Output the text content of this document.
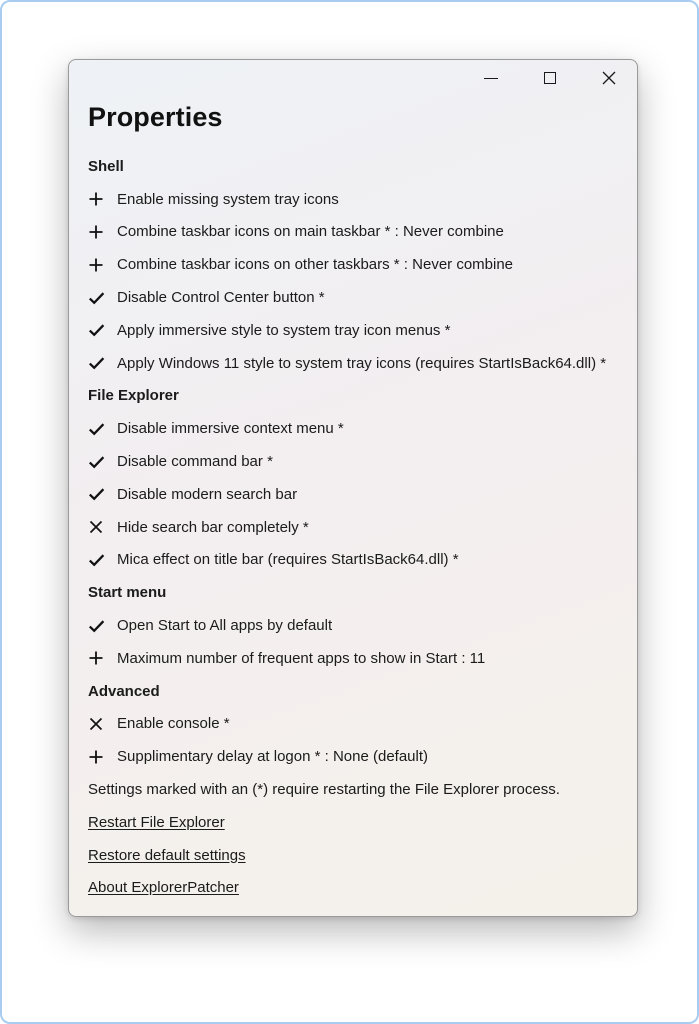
Properties
Shell
Enable missing system tray icons
Combine taskbar icons on main taskbar * : Never combine
Combine taskbar icons on other taskbars * : Never combine
Disable Control Center button *
Apply immersive style to system tray icon menus *
Apply Windows 11 style to system tray icons (requires StartIsBack64.dll) *
File Explorer
Disable immersive context menu *
Disable command bar *
Disable modern search bar
Hide search bar completely *
Mica effect on title bar (requires StartIsBack64.dll) *
Start menu
Open Start to All apps by default
Maximum number of frequent apps to show in Start : 11
Advanced
Enable console *
Supplimentary delay at logon * : None (default)
Settings marked with an (*) require restarting the File Explorer process.
Restart File Explorer
Restore default settings
About ExplorerPatcher
